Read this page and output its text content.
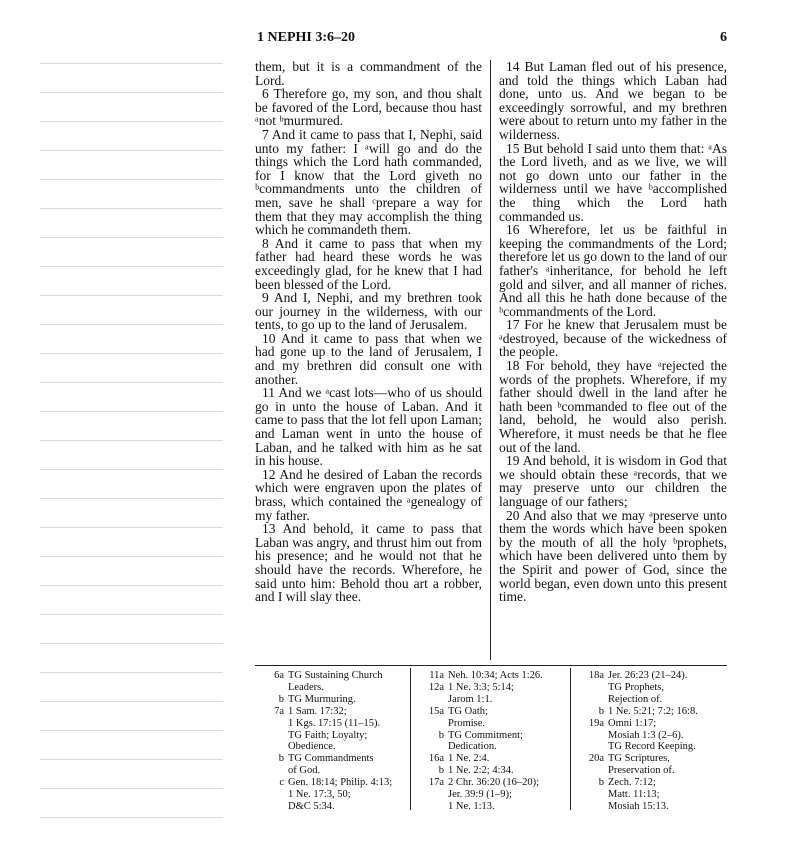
1 NEPHI 3:6–20	6

them, but it is a commandment of the Lord.

6 Therefore go, my son, and thou shalt be favored of the Lord, because thou hast ᵃnot ᵇmurmured.

7 And it came to pass that I, Nephi, said unto my father: I ᵃwill go and do the things which the Lord hath commanded, for I know that the Lord giveth no ᵇcommandments unto the children of men, save he shall ᶜprepare a way for them that they may accomplish the thing which he commandeth them.

8 And it came to pass that when my father had heard these words he was exceedingly glad, for he knew that I had been blessed of the Lord.

9 And I, Nephi, and my brethren took our journey in the wilderness, with our tents, to go up to the land of Jerusalem.

10 And it came to pass that when we had gone up to the land of Jerusalem, I and my brethren did consult one with another.

11 And we ᵃcast lots—who of us should go in unto the house of Laban. And it came to pass that the lot fell upon Laman; and Laman went in unto the house of Laban, and he talked with him as he sat in his house.

12 And he desired of Laban the records which were engraven upon the plates of brass, which contained the ᵃgenealogy of my father.

13 And behold, it came to pass that Laban was angry, and thrust him out from his presence; and he would not that he should have the records. Wherefore, he said unto him: Behold thou art a robber, and I will slay thee.

14 But Laman fled out of his presence, and told the things which Laban had done, unto us. And we began to be exceedingly sorrowful, and my brethren were about to return unto my father in the wilderness.

15 But behold I said unto them that: ᵃAs the Lord liveth, and as we live, we will not go down unto our father in the wilderness until we have ᵇaccomplished the thing which the Lord hath commanded us.

16 Wherefore, let us be faithful in keeping the commandments of the Lord; therefore let us go down to the land of our father's ᵃinheritance, for behold he left gold and silver, and all manner of riches. And all this he hath done because of the ᵇcommandments of the Lord.

17 For he knew that Jerusalem must be ᵃdestroyed, because of the wickedness of the people.

18 For behold, they have ᵃrejected the words of the prophets. Wherefore, if my father should dwell in the land after he hath been ᵇcommanded to flee out of the land, behold, he would also perish. Wherefore, it must needs be that he flee out of the land.

19 And behold, it is wisdom in God that we should obtain these ᵃrecords, that we may preserve unto our children the language of our fathers;

20 And also that we may ᵃpreserve unto them the words which have been spoken by the mouth of all the holy ᵇprophets, which have been delivered unto them by the Spirit and power of God, since the world began, even down unto this present time.

6a TG Sustaining Church
Leaders.
b TG Murmuring.
7a 1 Sam. 17:32;
1 Kgs. 17:15 (11–15).
TG Faith; Loyalty;
Obedience.
b TG Commandments
of God.
c Gen. 18:14; Philip. 4:13;
1 Ne. 17:3, 50;
D&C 5:34.
11a Neh. 10:34; Acts 1:26.
12a 1 Ne. 3:3; 5:14;
Jarom 1:1.
15a TG Oath;
Promise.
b TG Commitment;
Dedication.
16a 1 Ne. 2:4.
b 1 Ne. 2:2; 4:34.
17a 2 Chr. 36:20 (16–20);
Jer. 39:9 (1–9);
1 Ne. 1:13.
18a Jer. 26:23 (21–24).
TG Prophets,
Rejection of.
b 1 Ne. 5:21; 7:2; 16:8.
19a Omni 1:17;
Mosiah 1:3 (2–6).
TG Record Keeping.
20a TG Scriptures,
Preservation of.
b Zech. 7:12;
Matt. 11:13;
Mosiah 15:13.
